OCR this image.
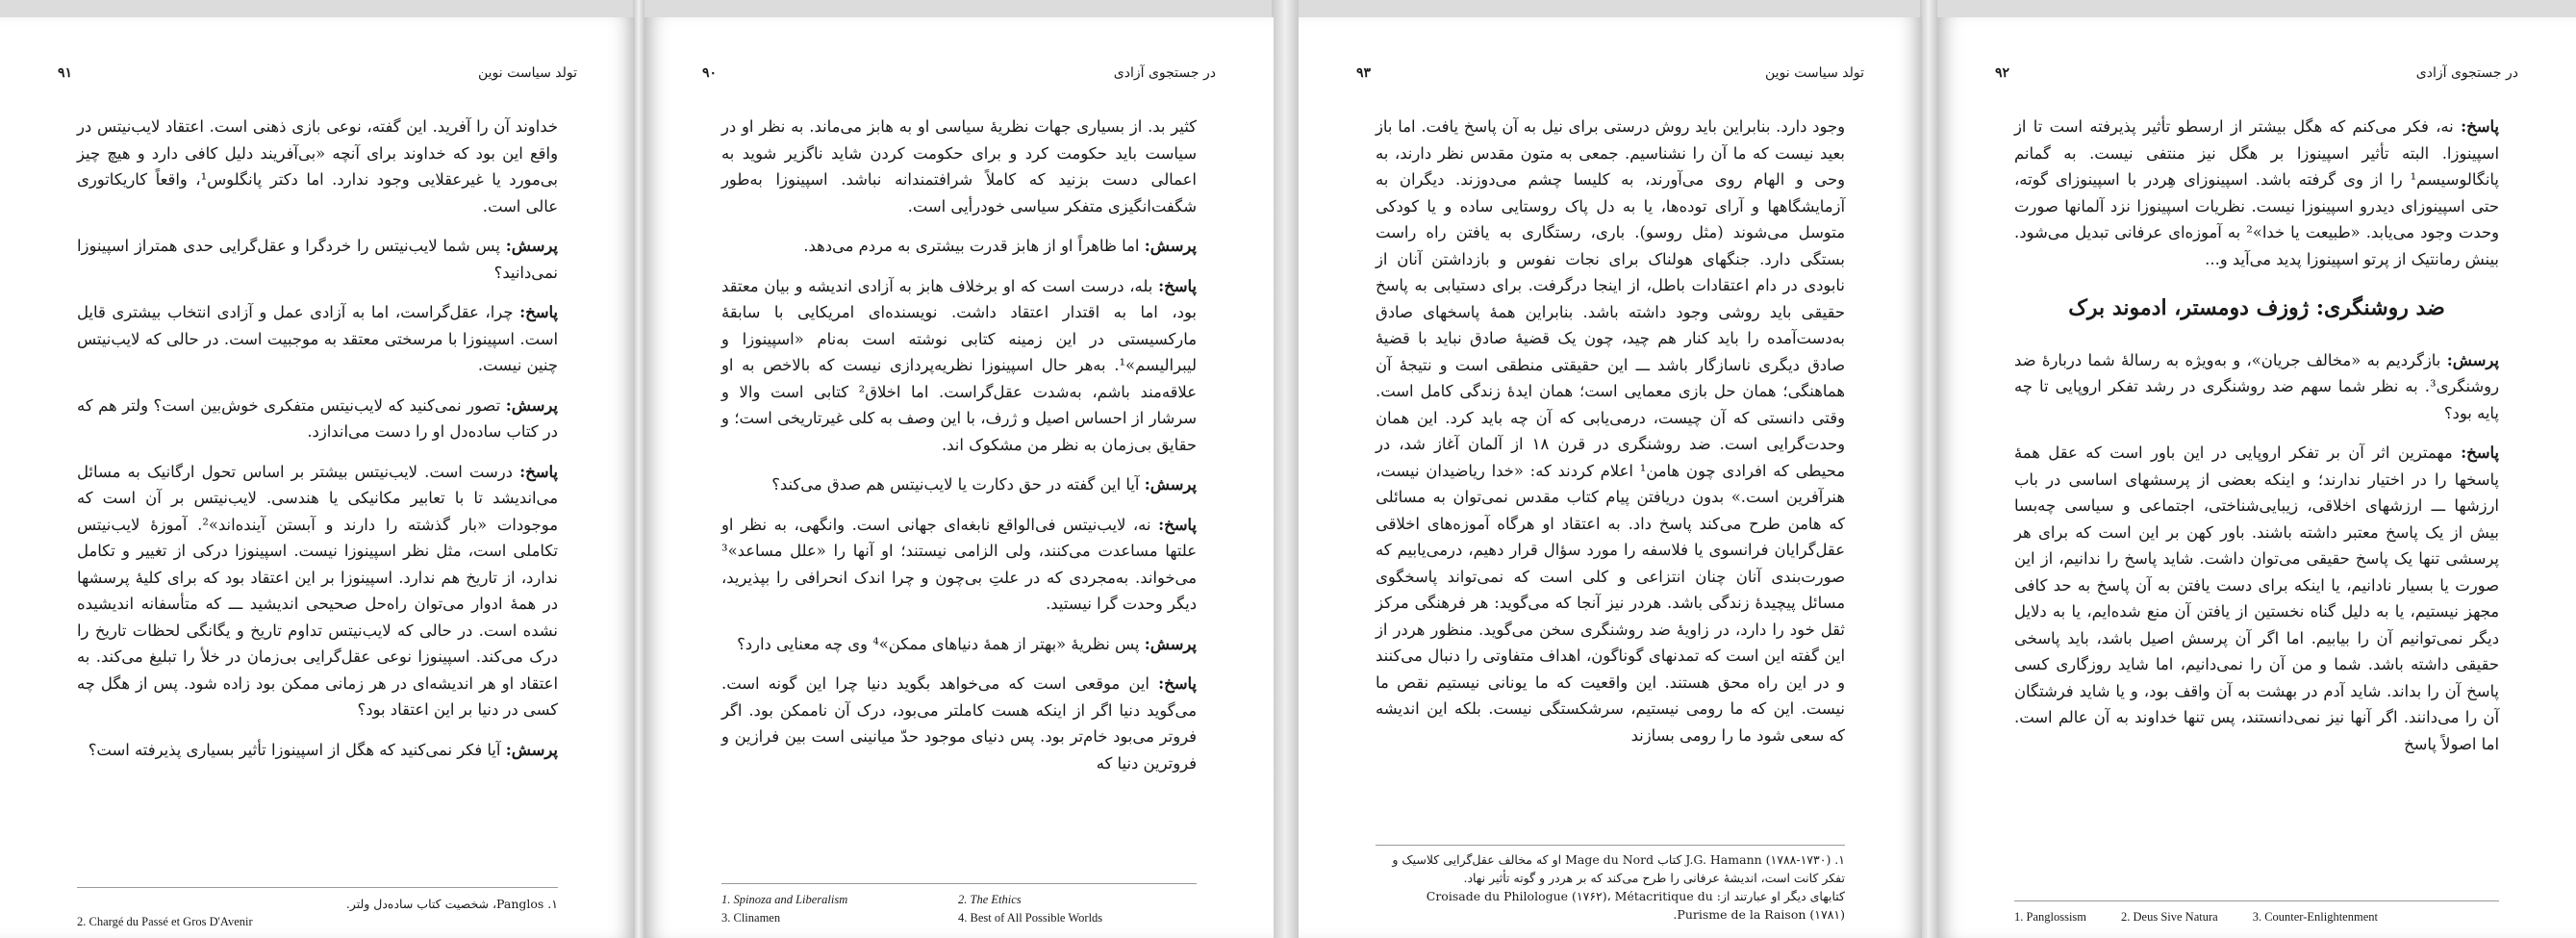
تولد سیاست نوین
۹۱

خداوند آن را آفرید. این گفته، نوعی بازی ذهنی است. اعتقاد لایب‌نیتس در واقع این بود که خداوند برای آنچه «بی‌آفریند دلیل کافی دارد و هیچ چیز بی‌مورد یا غیرعقلایی وجود ندارد. اما دکتر پانگلوس¹، واقعاً کاریکاتوری عالی است.

پرسش: پس شما لایب‌نیتس را خردگرا و عقل‌گرایی حدی همتراز اسپینوزا نمی‌دانید؟

پاسخ: چرا، عقل‌گراست، اما به آزادی عمل و آزادی انتخاب بیشتری قایل است. اسپینوزا با مرسختی معتقد به موجبیت است. در حالی که لایب‌نیتس چنین نیست.

پرسش: تصور نمی‌کنید که لایب‌نیتس متفکری خوش‌بین است؟ ولتر هم که در کتاب ساده‌دل او را دست می‌اندازد.

پاسخ: درست است. لایب‌نیتس بیشتر بر اساس تحول ارگانیک به مسائل می‌اندیشد تا با تعابیر مکانیکی یا هندسی. لایب‌نیتس بر آن است که موجودات «بار گذشته را دارند و آبستن آینده‌اند»². آموزهٔ لایب‌نیتس تکاملی است، مثل نظر اسپینوزا نیست. اسپینوزا درکی از تغییر و تکامل ندارد، از تاریخ هم ندارد. اسپینوزا بر این اعتقاد بود که برای کلیهٔ پرسشها در همهٔ ادوار می‌توان راه‌حل صحیحی اندیشید ـــ که متأسفانه اندیشیده نشده است. در حالی که لایب‌نیتس تداوم تاریخ و یگانگی لحظات تاریخ را درک می‌کند. اسپینوزا نوعی عقل‌گرایی بی‌زمان در خلأ را تبلیغ می‌کند. به اعتقاد او هر اندیشه‌ای در هر زمانی ممکن بود زاده شود. پس از هگل چه کسی در دنیا بر این اعتقاد بود؟

پرسش: آیا فکر نمی‌کنید که هگل از اسپینوزا تأثیر بسیاری پذیرفته است؟

۱. Panglos، شخصیت کتاب ساده‌دل ولتر.
2. Chargé du Passé et Gros D'Avenir
در جستجوی آزادی
۹۰

کثیر بد. از بسیاری جهات نظریهٔ سیاسی او به هابز می‌ماند. به نظر او در سیاست باید حکومت کرد و برای حکومت کردن شاید ناگزیر شوید به اعمالی دست بزنید که کاملاً شرافتمندانه نباشد. اسپینوزا به‌طور شگفت‌انگیزی متفکر سیاسی خودرأیی است.

پرسش: اما ظاهراً او از هابز قدرت بیشتری به مردم می‌دهد.

پاسخ: بله، درست است که او برخلاف هابز به آزادی اندیشه و بیان معتقد بود، اما به اقتدار اعتقاد داشت. نویسنده‌ای امریکایی با سابقهٔ مارکسیستی در این زمینه کتابی نوشته است به‌نام «اسپینوزا و لیبرالیسم»¹. به‌هر حال اسپینوزا نظریه‌پردازی نیست که بالاخص به او علاقه‌مند باشم، به‌شدت عقل‌گراست. اما اخلاق² کتابی است والا و سرشار از احساس اصیل و ژرف، با این وصف به کلی غیرتاریخی است؛ و حقایق بی‌زمان به نظر من مشکوک اند.

پرسش: آیا این گفته در حق دکارت یا لایب‌نیتس هم صدق می‌کند؟

پاسخ: نه، لایب‌نیتس فی‌الواقع نابغه‌ای جهانی است. وانگهی، به نظر او علتها مساعدت می‌کنند، ولی الزامی نیستند؛ او آنها را «علل مساعد»³ می‌خواند. به‌مجردی که در علتِ بی‌چون و چرا اندک انحرافی را بپذیرید، دیگر وحدت گرا نیستید.

پرسش: پس نظریهٔ «بهتر از همهٔ دنیاهای ممکن»⁴ وی چه معنایی دارد؟

پاسخ: این موقعی است که می‌خواهد بگوید دنیا چرا این گونه است. می‌گوید دنیا اگر از اینکه هست کاملتر می‌بود، درک آن ناممکن بود. اگر فروتر می‌بود خام‌تر بود. پس دنیای موجود حدّ میانینی است بین فرازین و فروترین دنیا که

1. Spinoza and Liberalism	2. The Ethics
3. Clinamen	4. Best of All Possible Worlds
تولد سیاست نوین
۹۳

وجود دارد. بنابراین باید روش درستی برای نیل به آن پاسخ یافت. اما باز بعید نیست که ما آن را نشناسیم. جمعی به متون مقدس نظر دارند، به وحی و الهام روی می‌آورند، به کلیسا چشم می‌دوزند. دیگران به آزمایشگاهها و آرای توده‌ها، یا به دل پاک روستایی ساده و یا کودکی متوسل می‌شوند (مثل روسو). باری، رستگاری به یافتن راه راست بستگی دارد. جنگهای هولناک برای نجات نفوس و بازداشتن آنان از نابودی در دام اعتقادات باطل، از اینجا درگرفت. برای دستیابی به پاسخ حقیقی باید روشی وجود داشته باشد. بنابراین همهٔ پاسخهای صادق به‌دست‌آمده را باید کنار هم چید، چون یک قضیهٔ صادق نباید با قضیهٔ صادق دیگری ناسازگار باشد ـــ این حقیقتی منطقی است و نتیجهٔ آن هماهنگی؛ همان حل بازی معمایی است؛ همان ایدهٔ زندگی کامل است. وقتی دانستی که آن چیست، درمی‌یابی که آن چه باید کرد. این همان وحدت‌گرایی است. ضد روشنگری در قرن ۱۸ از آلمان آغاز شد، در محیطی که افرادی چون هامن¹ اعلام کردند که: «خدا ریاضیدان نیست، هنرآفرین است.» بدون دریافتن پیام کتاب مقدس نمی‌توان به مسائلی که هامن طرح می‌کند پاسخ داد. به اعتقاد او هرگاه آموزه‌های اخلاقی عقل‌گرایان فرانسوی یا فلاسفه را مورد سؤال قرار دهیم، درمی‌یابیم که صورت‌بندی آنان چنان انتزاعی و کلی است که نمی‌تواند پاسخگوی مسائل پیچیدهٔ زندگی باشد. هردر نیز آنجا که می‌گوید: هر فرهنگی مرکز ثقل خود را دارد، در زاویهٔ ضد روشنگری سخن می‌گوید. منظور هردر از این گفته این است که تمدنهای گوناگون، اهداف متفاوتی را دنبال می‌کنند و در این راه محق هستند. این واقعیت که ما یونانی نیستیم نقص ما نیست. این که ما رومی نیستیم، سرشکستگی نیست. بلکه این اندیشه که سعی شود ما را رومی بسازند

۱. J.G. Hamann (۱۷۸۸-۱۷۳۰) کتاب Mage du Nord او که مخالف عقل‌گرایی کلاسیک و تفکر کانت است، اندیشهٔ عرفانی را طرح می‌کند که بر هردر و گوته تأثیر نهاد.
کتابهای دیگر او عبارتند از: Croisade du Philologue (۱۷۶۲)، Métacritique du
Purisme de la Raison (۱۷۸۱).
در جستجوی آزادی
۹۲

پاسخ: نه، فکر می‌کنم که هگل بیشتر از ارسطو تأثیر پذیرفته است تا از اسپینوزا. البته تأثیر اسپینوزا بر هگل نیز منتفی نیست. به گمانم پانگالوسیسم¹ را از وی گرفته باشد. اسپینوزای هِردر با اسپینوزای گوته، حتی اسپینوزای دیدرو اسپینوزا نیست. نظریات اسپینوزا نزد آلمانها صورت وحدت وجود می‌یابد. «طبیعت یا خدا»² به آموزه‌ای عرفانی تبدیل می‌شود. بینش رمانتیک از پرتو اسپینوزا پدید می‌آید و...

ضد روشنگری: ژوزف دومستر، ادموند برک

پرسش: بازگردیم به «مخالف جریان»، و به‌ویژه به رسالهٔ شما دربارهٔ ضد روشنگری³. به نظر شما سهم ضد روشنگری در رشد تفکر اروپایی تا چه پایه بود؟

پاسخ: مهمترین اثر آن بر تفکر اروپایی در این باور است که عقل همهٔ پاسخها را در اختیار ندارند؛ و اینکه بعضی از پرسشهای اساسی در باب ارزشها ـــ ارزشهای اخلاقی، زیبایی‌شناختی، اجتماعی و سیاسی چه‌بسا بیش از یک پاسخ معتبر داشته باشند. باور کهن بر این است که برای هر پرسشی تنها یک پاسخ حقیقی می‌توان داشت. شاید پاسخ را ندانیم، از این صورت یا بسیار نادانیم، یا اینکه برای دست یافتن به آن پاسخ به حد کافی مجهز نیستیم، یا به دلیل گناه نخستین از یافتن آن منع شده‌ایم، یا به دلایل دیگر نمی‌توانیم آن را بیابیم. اما اگر آن پرسش اصیل باشد، باید پاسخی حقیقی داشته باشد. شما و من آن را نمی‌دانیم، اما شاید روزگاری کسی پاسخ آن را بداند. شاید آدم در بهشت به آن واقف بود، و یا شاید فرشتگان آن را می‌دانند. اگر آنها نیز نمی‌دانستند، پس تنها خداوند به آن عالم است. اما اصولاً پاسخ

1. Panglossism	2. Deus Sive Natura	3. Counter-Enlightenment
